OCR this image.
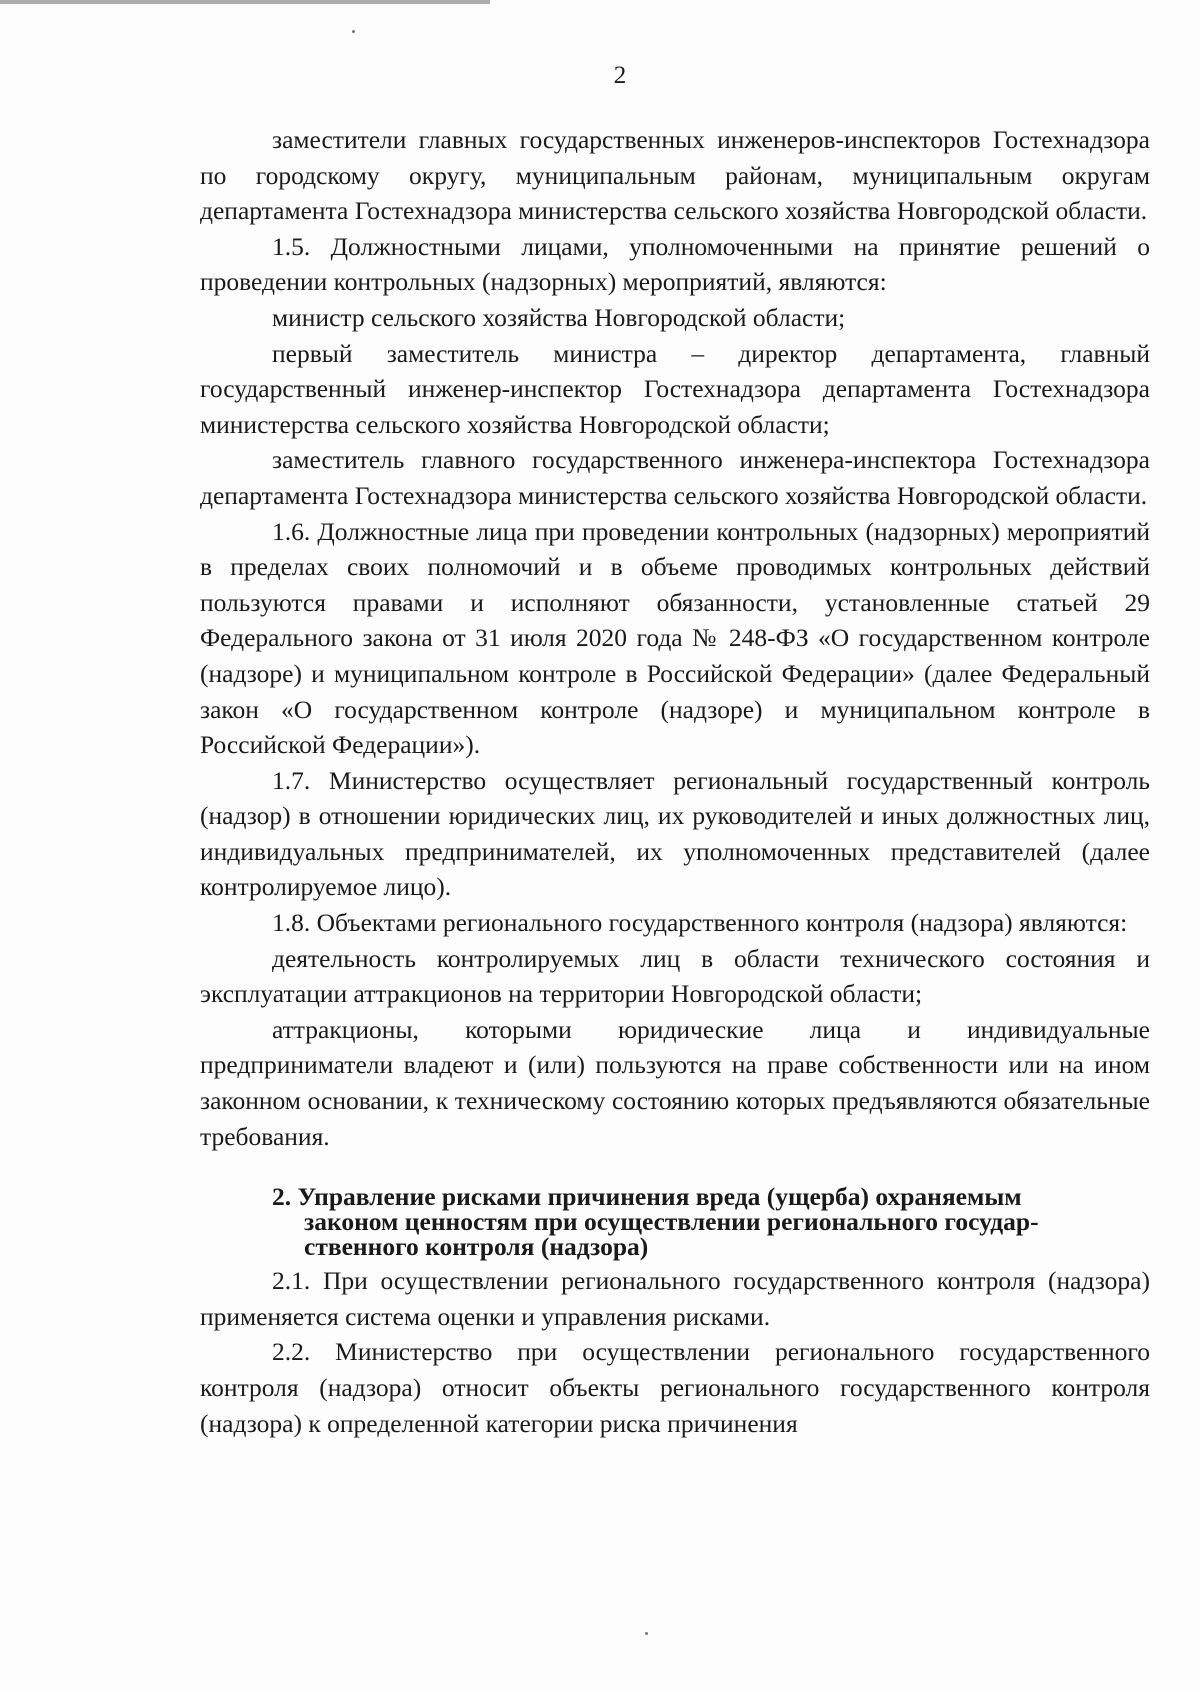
2

заместители главных государственных инженеров-инспекторов Гостехнадзора по городскому округу, муниципальным районам, муниципальным округам департамента Гостехнадзора министерства сельского хозяйства Новгородской области.

1.5. Должностными лицами, уполномоченными на принятие решений о проведении контрольных (надзорных) мероприятий, являются:

министр сельского хозяйства Новгородской области;

первый заместитель министра – директор департамента, главный государственный инженер-инспектор Гостехнадзора департамента Гостехнадзора министерства сельского хозяйства Новгородской области;

заместитель главного государственного инженера-инспектора Гостехнадзора департамента Гостехнадзора министерства сельского хозяйства Новгородской области.

1.6. Должностные лица при проведении контрольных (надзорных) мероприятий в пределах своих полномочий и в объеме проводимых контрольных действий пользуются правами и исполняют обязанности, установленные статьей 29 Федерального закона от 31 июля 2020 года № 248-ФЗ «О государственном контроле (надзоре) и муниципальном контроле в Российской Федерации» (далее Федеральный закон «О государственном контроле (надзоре) и муниципальном контроле в Российской Федерации»).

1.7. Министерство осуществляет региональный государственный контроль (надзор) в отношении юридических лиц, их руководителей и иных должностных лиц, индивидуальных предпринимателей, их уполномоченных представителей (далее контролируемое лицо).

1.8. Объектами регионального государственного контроля (надзора) являются:

деятельность контролируемых лиц в области технического состояния и эксплуатации аттракционов на территории Новгородской области;

аттракционы, которыми юридические лица и индивидуальные предприниматели владеют и (или) пользуются на праве собственности или на ином законном основании, к техническому состоянию которых предъявляются обязательные требования.

2. Управление рисками причинения вреда (ущерба) охраняемым
законом ценностям при осуществлении регионального государ-
ственного контроля (надзора)

2.1. При осуществлении регионального государственного контроля (надзора) применяется система оценки и управления рисками.

2.2. Министерство при осуществлении регионального государственного контроля (надзора) относит объекты регионального государственного контроля (надзора) к определенной категории риска причинения
